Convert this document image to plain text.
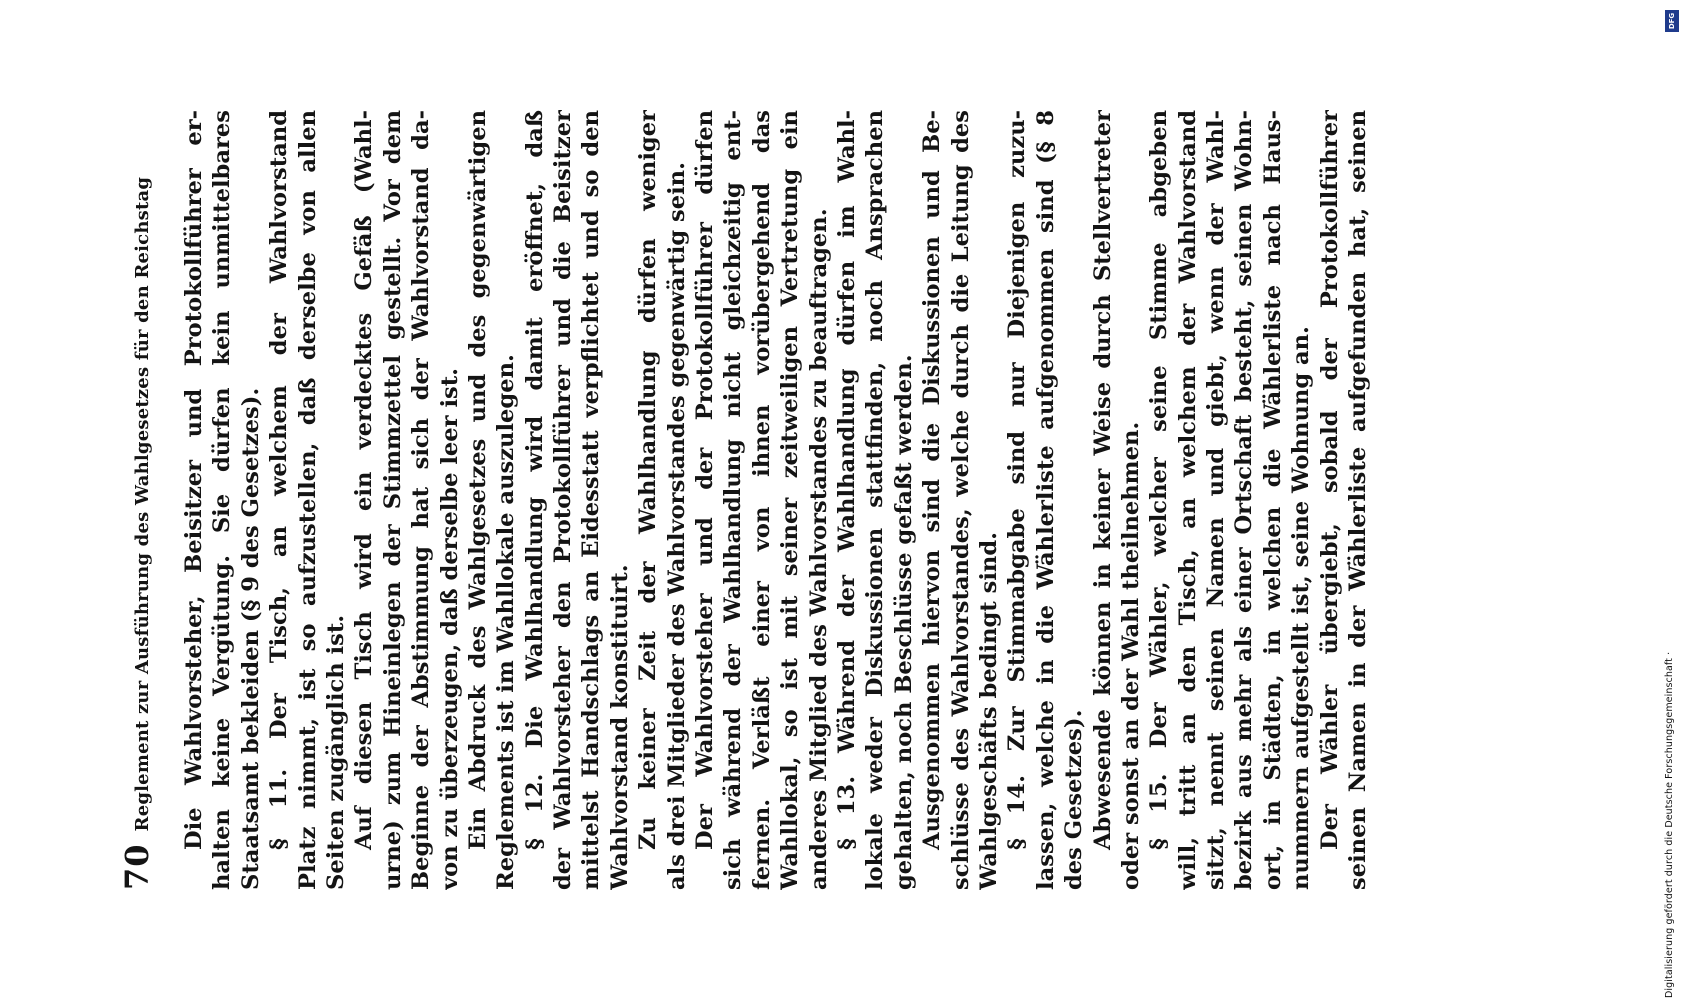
70
Reglement zur Ausführung des Wahlgesetzes für den Reichstag Die Wahlvorsteher, Beisitzer und Protokollführer er- halten keine Vergütung. Sie dürfen kein unmittelbares Staatsamt bekleiden (§ 9 des Gesetzes). § 11. Der Tisch, an welchem der Wahlvorstand Platz nimmt, ist so aufzustellen, daß derselbe von allen Seiten zugänglich ist. Auf diesen Tisch wird ein verdecktes Gefäß (Wahl- urne) zum Hineinlegen der Stimmzettel gestellt. Vor dem Beginne der Abstimmung hat sich der Wahlvorstand da- von zu überzeugen, daß derselbe leer ist. Ein Abdruck des Wahlgesetzes und des gegenwärtigen Reglements ist im Wahllokale auszulegen. § 12. Die Wahlhandlung wird damit eröffnet, daß der Wahlvorsteher den Protokollführer und die Beisitzer mittelst Handschlags an Eidesstatt verpflichtet und so den Wahlvorstand konstituirt. Zu keiner Zeit der Wahlhandlung dürfen weniger als drei Mitglieder des Wahlvorstandes gegenwärtig sein. Der Wahlvorsteher und der Protokollführer dürfen sich während der Wahlhandlung nicht gleichzeitig ent- fernen. Verläßt einer von ihnen vorübergehend das Wahllokal, so ist mit seiner zeitweiligen Vertretung ein anderes Mitglied des Wahlvorstandes zu beauftragen. § 13. Während der Wahlhandlung dürfen im Wahl- lokale weder Diskussionen stattfinden, noch Ansprachen gehalten, noch Beschlüsse gefaßt werden. Ausgenommen hiervon sind die Diskussionen und Be- schlüsse des Wahlvorstandes, welche durch die Leitung des Wahlgeschäfts bedingt sind. § 14. Zur Stimmabgabe sind nur Diejenigen zuzu- lassen, welche in die Wählerliste aufgenommen sind (§ 8 des Gesetzes). Abwesende können in keiner Weise durch Stellvertreter oder sonst an der Wahl theilnehmen. § 15. Der Wähler, welcher seine Stimme abgeben will, tritt an den Tisch, an welchem der Wahlvorstand sitzt, nennt seinen Namen und giebt, wenn der Wahl- bezirk aus mehr als einer Ortschaft besteht, seinen Wohn- ort, in Städten, in welchen die Wählerliste nach Haus- nummern aufgestellt ist, seine Wohnung an. Der Wähler übergiebt, sobald der Protokollführer seinen Namen in der Wählerliste aufgefunden hat, seinen
DFG
Digitalisierung gefördert durch die Deutsche Forschungsgemeinschaft ·
